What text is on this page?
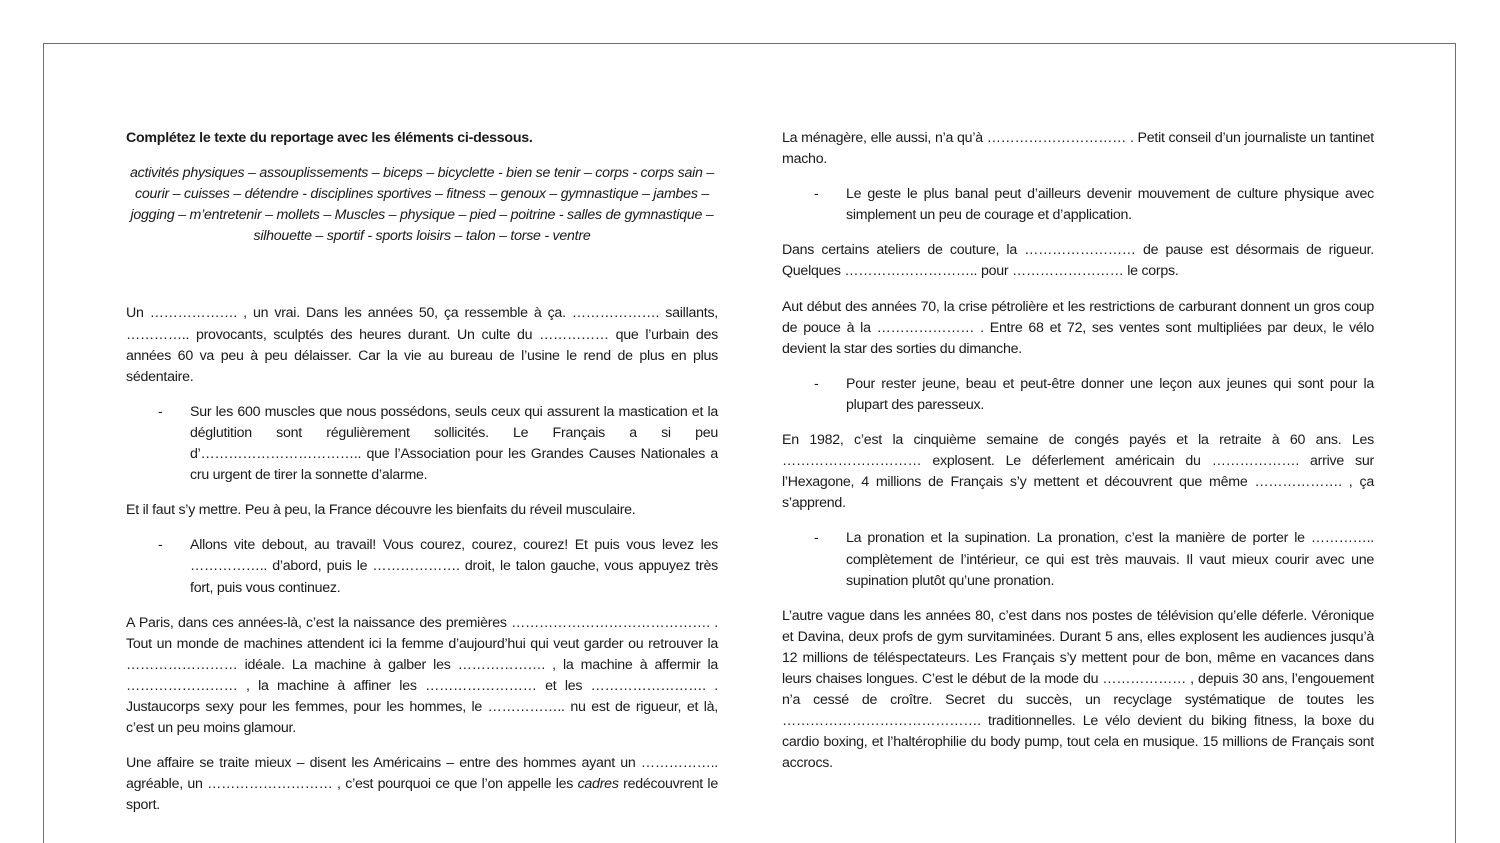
Complétez le texte du reportage avec les éléments ci-dessous.

activités physiques – assouplissements – biceps – bicyclette - bien se tenir – corps - corps sain – courir – cuisses – détendre - disciplines sportives – fitness – genoux – gymnastique – jambes – jogging – m’entretenir – mollets – Muscles – physique – pied – poitrine - salles de gymnastique – silhouette – sportif - sports loisirs – talon – torse - ventre

Un ………………. , un vrai. Dans les années 50, ça ressemble à ça. ………………. saillants, ………….. provocants, sculptés des heures durant. Un culte du …………… que l’urbain des années 60 va peu à peu délaisser. Car la vie au bureau de l’usine le rend de plus en plus sédentaire.

- Sur les 600 muscles que nous possédons, seuls ceux qui assurent la mastication et la déglutition sont régulièrement sollicités. Le Français a si peu d’…………………………….. que l’Association pour les Grandes Causes Nationales a cru urgent de tirer la sonnette d’alarme.

Et il faut s’y mettre. Peu à peu, la France découvre les bienfaits du réveil musculaire.

- Allons vite debout, au travail! Vous courez, courez, courez! Et puis vous levez les …………….. d’abord, puis le ………………. droit, le talon gauche, vous appuyez très fort, puis vous continuez.

A Paris, dans ces années-là, c’est la naissance des premières ……………………………………. . Tout un monde de machines attendent ici la femme d’aujourd’hui qui veut garder ou retrouver la …………………… idéale. La machine à galber les ………………. , la machine à affermir la …………………… , la machine à affiner les …………………… et les ……………………. . Justaucorps sexy pour les femmes, pour les hommes, le …………….. nu est de rigueur, et là, c’est un peu moins glamour.

Une affaire se traite mieux – disent les Américains – entre des hommes ayant un …………….. agréable, un ……………………… , c’est pourquoi ce que l’on appelle les cadres redécouvrent le sport.

La ménagère, elle aussi, n’a qu’à ………………………… . Petit conseil d’un journaliste un tantinet macho.

- Le geste le plus banal peut d’ailleurs devenir mouvement de culture physique avec simplement un peu de courage et d’application.

Dans certains ateliers de couture, la …………………… de pause est désormais de rigueur. Quelques ……………………….. pour …………………… le corps.

Aut début des années 70, la crise pétrolière et les restrictions de carburant donnent un gros coup de pouce à la ………………… . Entre 68 et 72, ses ventes sont multipliées par deux, le vélo devient la star des sorties du dimanche.

- Pour rester jeune, beau et peut-être donner une leçon aux jeunes qui sont pour la plupart des paresseux.

En 1982, c’est la cinquième semaine de congés payés et la retraite à 60 ans. Les ………………………… explosent. Le déferlement américain du ………………. arrive sur l’Hexagone, 4 millions de Français s’y mettent et découvrent que même ………………. , ça s’apprend.

- La pronation et la supination. La pronation, c’est la manière de porter le ………….. complètement de l’intérieur, ce qui est très mauvais. Il vaut mieux courir avec une supination plutôt qu’une pronation.

L’autre vague dans les années 80, c’est dans nos postes de télévision qu’elle déferle. Véronique et Davina, deux profs de gym survitaminées. Durant 5 ans, elles explosent les audiences jusqu’à 12 millions de téléspectateurs. Les Français s’y mettent pour de bon, même en vacances dans leurs chaises longues. C’est le début de la mode du ……………… , depuis 30 ans, l’engouement n’a cessé de croître. Secret du succès, un recyclage systématique de toutes les ……………………………………. traditionnelles. Le vélo devient du biking fitness, la boxe du cardio boxing, et l’haltérophilie du body pump, tout cela en musique. 15 millions de Français sont accrocs.
